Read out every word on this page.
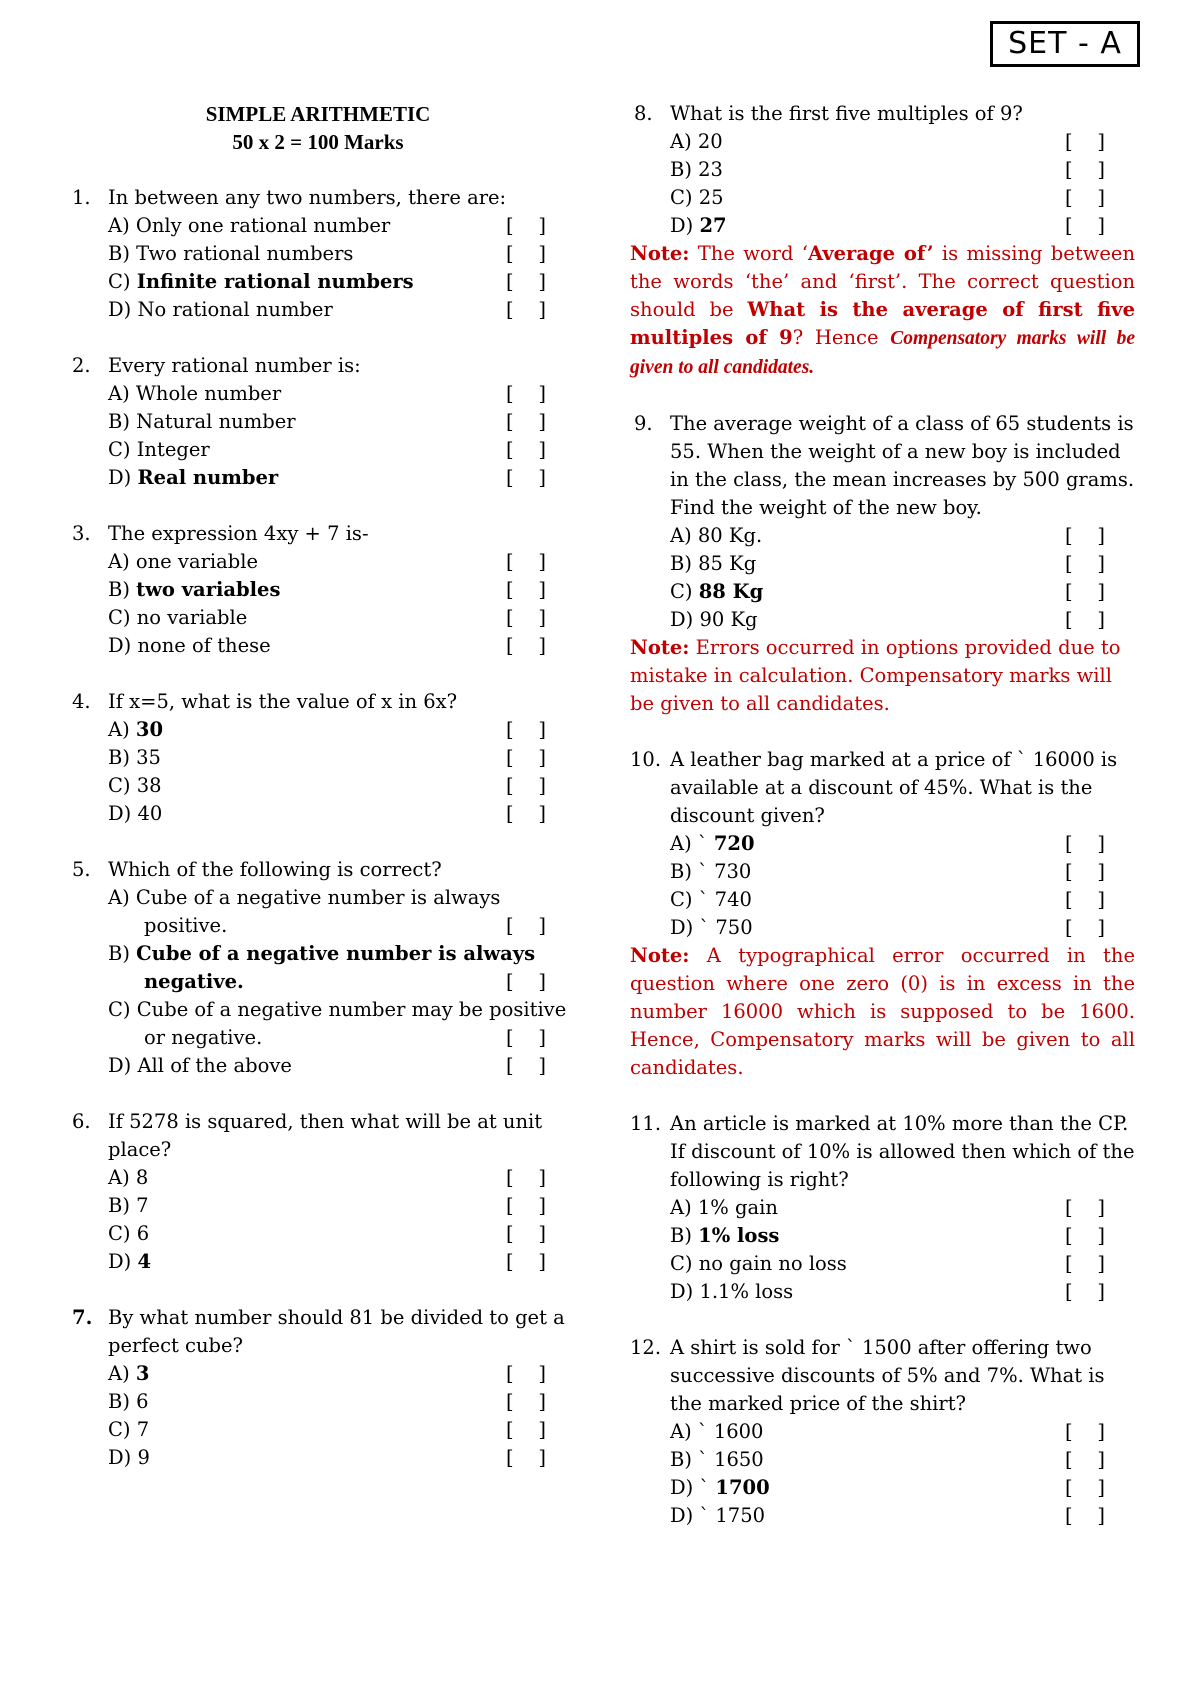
SET - A
SIMPLE ARITHMETIC
50 x 2 = 100 Marks
1. In between any two numbers, there are:
A) Only one rational number	[    ]
B) Two rational numbers	[    ]
C) Infinite rational numbers	[    ]
D) No rational number	[    ]
2. Every rational number is:
A) Whole number	[    ]
B) Natural number	[    ]
C) Integer	[    ]
D) Real number	[    ]
3. The expression 4xy + 7 is-
A) one variable	[    ]
B) two variables	[    ]
C) no variable	[    ]
D) none of these	[    ]
4. If x=5, what is the value of x in 6x?
A) 30	[    ]
B) 35	[    ]
C) 38	[    ]
D) 40	[    ]
5. Which of the following is correct?
A) Cube of a negative number is always
positive.	[    ]
B) Cube of a negative number is always
negative.	[    ]
C) Cube of a negative number may be positive
or negative.	[    ]
D) All of the above	[    ]
6. If 5278 is squared, then what will be at unit
place?
A) 8	[    ]
B) 7	[    ]
C) 6	[    ]
D) 4	[    ]
7. By what number should 81 be divided to get a
perfect cube?
A) 3	[    ]
B) 6	[    ]
C) 7	[    ]
D) 9	[    ]
8. What is the first five multiples of 9?
A) 20	[    ]
B) 23	[    ]
C) 25	[    ]
D) 27	[    ]
Note: The word ‘Average of’ is missing between the words ‘the’ and ‘first’. The correct question should be What is the average of first five multiples of 9? Hence Compensatory marks will be given to all candidates.
9. The average weight of a class of 65 students is
55. When the weight of a new boy is included
in the class, the mean increases by 500 grams.
Find the weight of the new boy.
A) 80 Kg.	[    ]
B) 85 Kg	[    ]
C) 88 Kg	[    ]
D) 90 Kg	[    ]
Note: Errors occurred in options provided due to mistake in calculation. Compensatory marks will be given to all candidates.
10. A leather bag marked at a price of ` 16000 is
available at a discount of 45%. What is the
discount given?
A) ` 720	[    ]
B) ` 730	[    ]
C) ` 740	[    ]
D) ` 750	[    ]
Note: A typographical error occurred in the question where one zero (0) is in excess in the number 16000 which is supposed to be 1600. Hence, Compensatory marks will be given to all candidates.
11. An article is marked at 10% more than the CP.
If discount of 10% is allowed then which of the
following is right?
A) 1% gain	[    ]
B) 1% loss	[    ]
C) no gain no loss	[    ]
D) 1.1% loss	[    ]
12. A shirt is sold for ` 1500 after offering two
successive discounts of 5% and 7%. What is
the marked price of the shirt?
A) ` 1600	[    ]
B) ` 1650	[    ]
D) ` 1700	[    ]
D) ` 1750	[    ]
